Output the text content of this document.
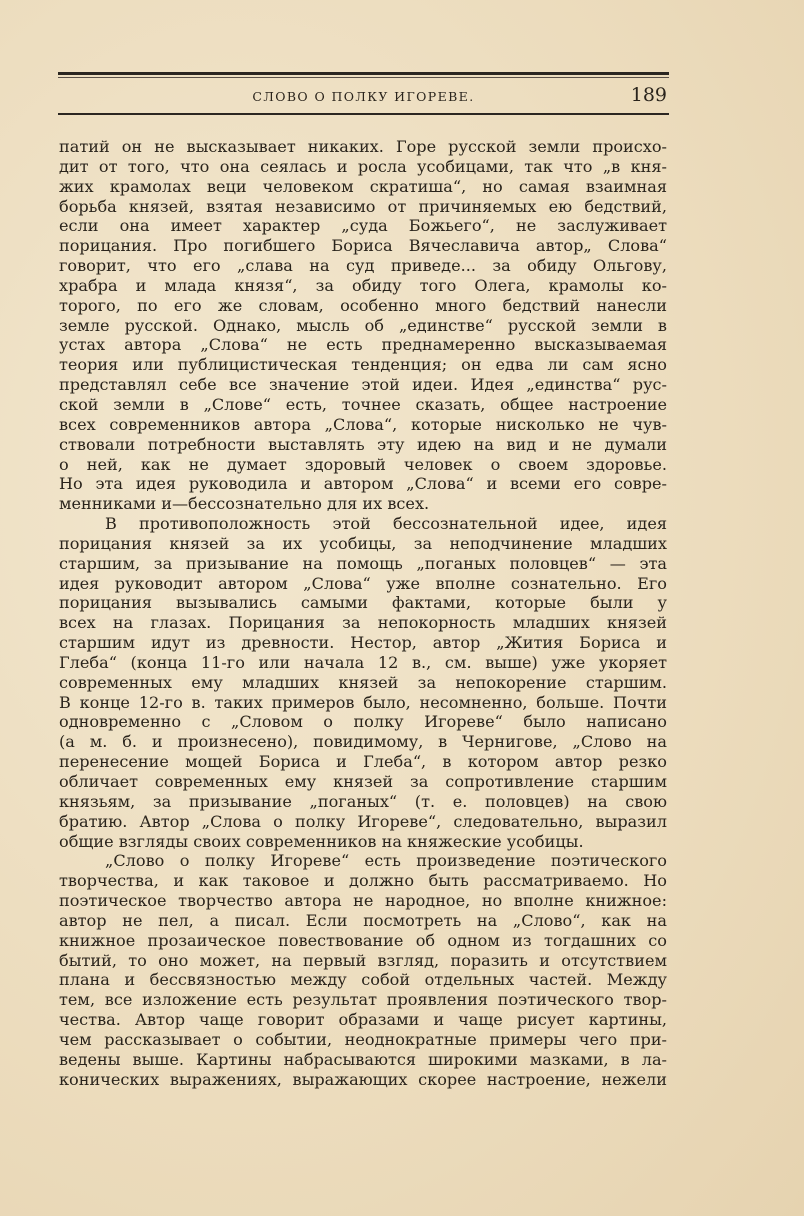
СЛОВО О ПОЛКУ ИГОРЕВЕ.	189
патий он не высказывает никаких. Горе русской земли происхо-
дит от того, что она сеялась и росла усобицами, так что „в кня-
жих крамолах веци человеком скратиша“, но самая взаимная
борьба князей, взятая независимо от причиняемых ею бедствий,
если она имеет характер „суда Божьего“, не заслуживает
порицания. Про погибшего Бориса Вячеславича автор„ Слова“
говорит, что его „слава на суд приведе... за обиду Ольгову,
храбра и млада князя“, за обиду того Олега, крамолы ко-
торого, по его же словам, особенно много бедствий нанесли
земле русской. Однако, мысль об „единстве“ русской земли в
устах автора „Слова“ не есть преднамеренно высказываемая
теория или публицистическая тенденция; он едва ли сам ясно
представлял себе все значение этой идеи. Идея „единства“ рус-
ской земли в „Слове“ есть, точнее сказать, общее настроение
всех современников автора „Слова“, которые нисколько не чув-
ствовали потребности выставлять эту идею на вид и не думали
о ней, как не думает здоровый человек о своем здоровье.
Но эта идея руководила и автором „Слова“ и всеми его совре-
менниками и—бессознательно для их всех.
В противоположность этой бессознательной идее, идея
порицания князей за их усобицы, за неподчинение младших
старшим, за призывание на помощь „поганых половцев“ — эта
идея руководит автором „Слова“ уже вполне сознательно. Его
порицания вызывались самыми фактами, которые были у
всех на глазах. Порицания за непокорность младших князей
старшим идут из древности. Нестор, автор „Жития Бориса и
Глеба“ (конца 11-го или начала 12 в., см. выше) уже укоряет
современных ему младших князей за непокорение старшим.
В конце 12-го в. таких примеров было, несомненно, больше. Почти
одновременно с „Словом о полку Игореве“ было написано
(а м. б. и произнесено), повидимому, в Чернигове, „Слово на
перенесение мощей Бориса и Глеба“, в котором автор резко
обличает современных ему князей за сопротивление старшим
князьям, за призывание „поганых“ (т. е. половцев) на свою
братию. Автор „Слова о полку Игореве“, следовательно, выразил
общие взгляды своих современников на княжеские усобицы.
„Слово о полку Игореве“ есть произведение поэтического
творчества, и как таковое и должно быть рассматриваемо. Но
поэтическое творчество автора не народное, но вполне книжное:
автор не пел, а писал. Если посмотреть на „Слово“, как на
книжное прозаическое повествование об одном из тогдашних со
бытий, то оно может, на первый взгляд, поразить и отсутствием
плана и бессвязностью между собой отдельных частей. Между
тем, все изложение есть результат проявления поэтического твор-
чества. Автор чаще говорит образами и чаще рисует картины,
чем рассказывает о событии, неоднократные примеры чего при-
ведены выше. Картины набрасываются широкими мазками, в ла-
конических выражениях, выражающих скорее настроение, нежели
